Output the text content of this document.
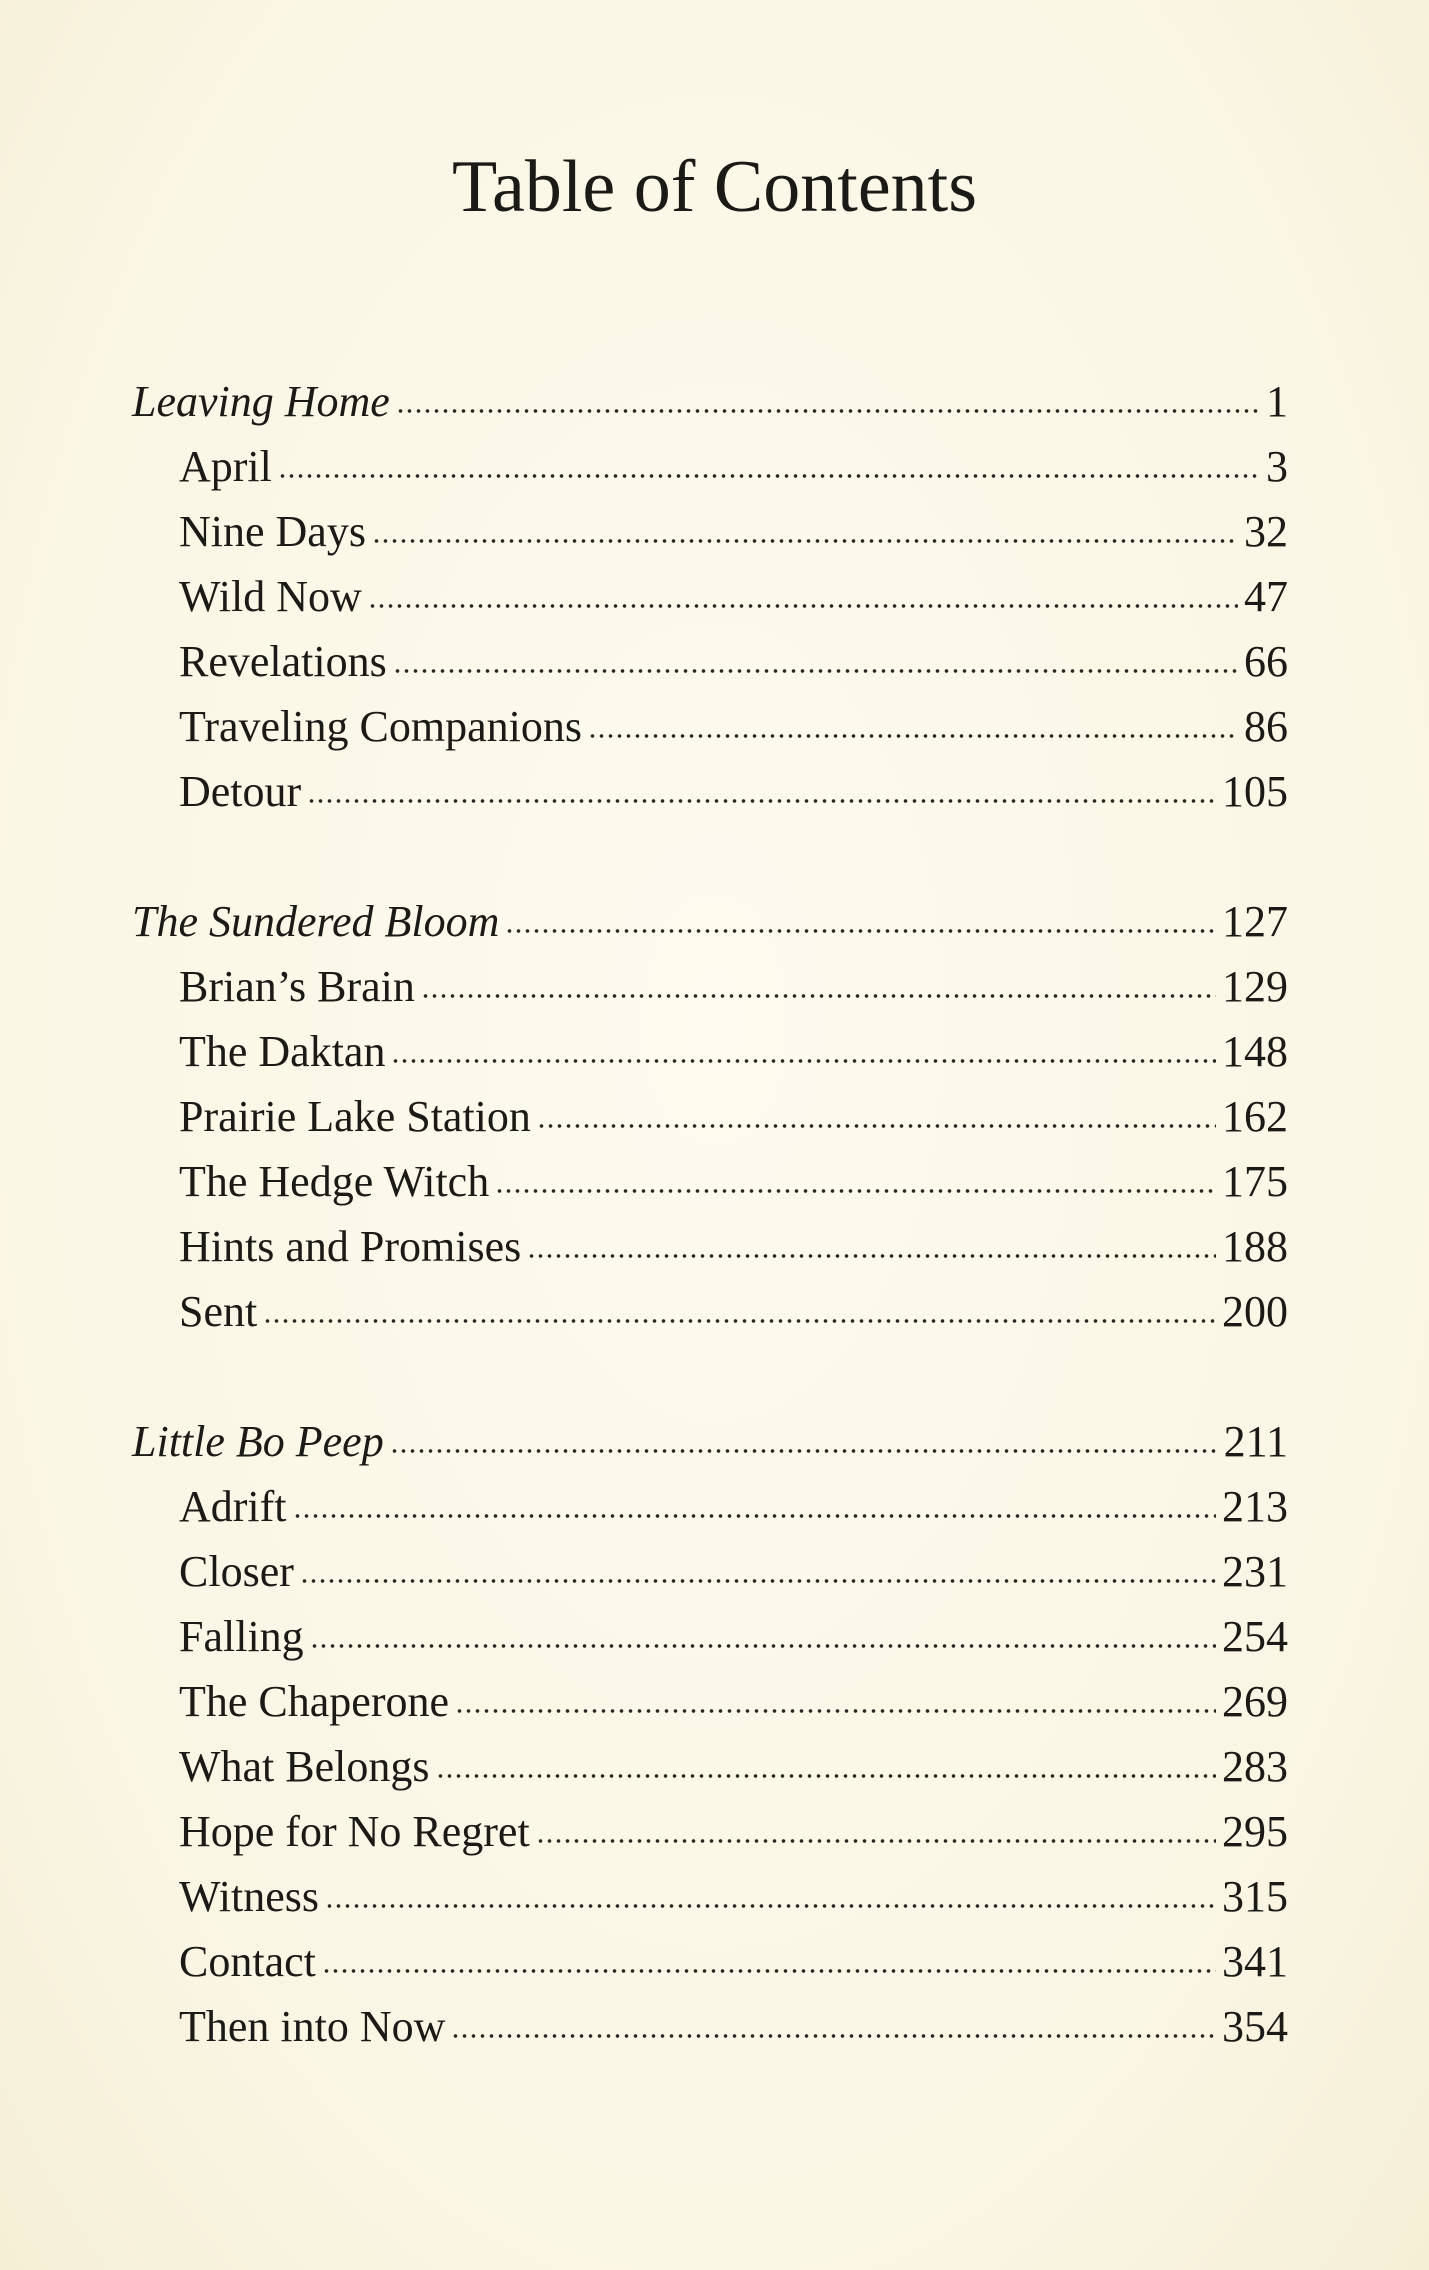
Table of Contents
Leaving Home	1
April	3
Nine Days	32
Wild Now	47
Revelations	66
Traveling Companions	86
Detour	105
The Sundered Bloom	127
Brian’s Brain	129
The Daktan	148
Prairie Lake Station	162
The Hedge Witch	175
Hints and Promises	188
Sent	200
Little Bo Peep	211
Adrift	213
Closer	231
Falling	254
The Chaperone	269
What Belongs	283
Hope for No Regret	295
Witness	315
Contact	341
Then into Now	354
